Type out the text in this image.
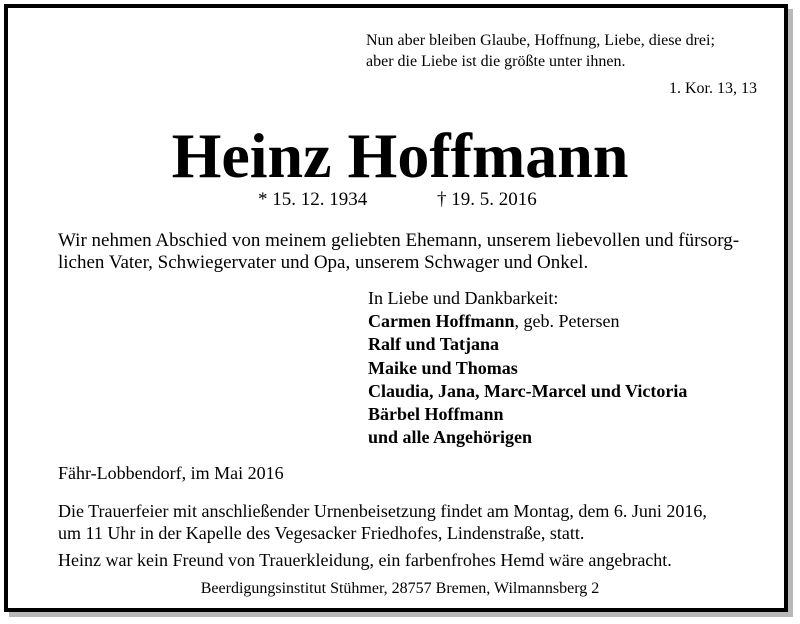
Nun aber bleiben Glaube, Hoffnung, Liebe, diese drei;
aber die Liebe ist die größte unter ihnen.
1. Kor. 13, 13
Heinz Hoffmann
* 15. 12. 1934	† 19. 5. 2016
Wir nehmen Abschied von meinem geliebten Ehemann, unserem liebevollen und fürsorg-
lichen Vater, Schwiegervater und Opa, unserem Schwager und Onkel.
In Liebe und Dankbarkeit:
Carmen Hoffmann, geb. Petersen
Ralf und Tatjana
Maike und Thomas
Claudia, Jana, Marc-Marcel und Victoria
Bärbel Hoffmann
und alle Angehörigen
Fähr-Lobbendorf, im Mai 2016
Die Trauerfeier mit anschließender Urnenbeisetzung findet am Montag, dem 6. Juni 2016,
um 11 Uhr in der Kapelle des Vegesacker Friedhofes, Lindenstraße, statt.
Heinz war kein Freund von Trauerkleidung, ein farbenfrohes Hemd wäre angebracht.
Beerdigungsinstitut Stühmer, 28757 Bremen, Wilmannsberg 2
